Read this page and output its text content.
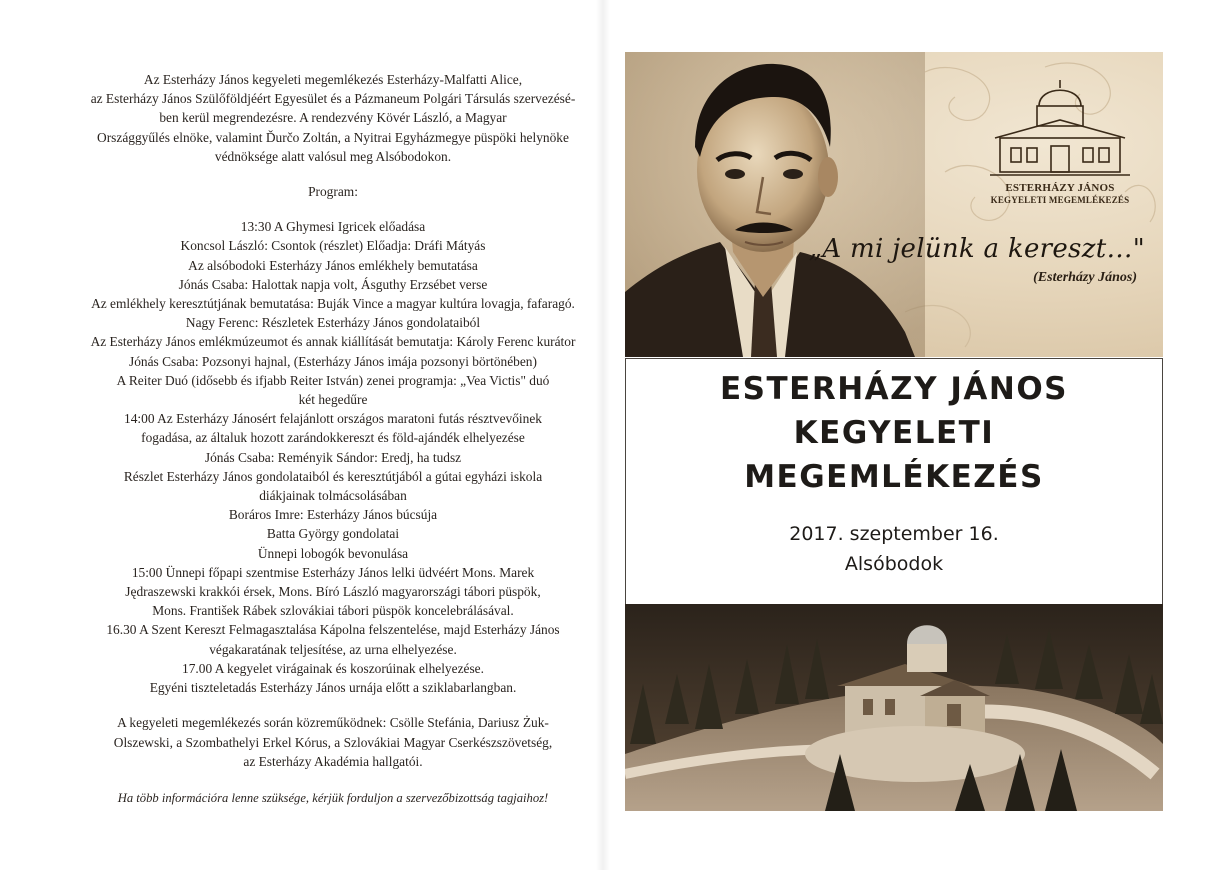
Az Esterházy János kegyeleti megemlékezés Esterházy-Malfatti Alice,

az Esterházy János Szülőföldjéért Egyesület és a Pázmaneum Polgári Társulás szervezésé-

ben kerül megrendezésre. A rendezvény Kövér László, a Magyar

Országgyűlés elnöke, valamint Ďurčo Zoltán, a Nyitrai Egyházmegye püspöki helynöke

védnöksége alatt valósul meg Alsóbodokon.

Program:

13:30 A Ghymesi Igricek előadása

Koncsol László: Csontok (részlet) Előadja: Dráfi Mátyás

Az alsóbodoki Esterházy János emlékhely bemutatása

Jónás Csaba: Halottak napja volt, Ásguthy Erzsébet verse

Az emlékhely keresztútjának bemutatása: Buják Vince a magyar kultúra lovagja, fafaragó.

Nagy Ferenc: Részletek Esterházy János gondolataiból

Az Esterházy János emlékmúzeumot és annak kiállítását bemutatja: Károly Ferenc kurátor

Jónás Csaba: Pozsonyi hajnal, (Esterházy János imája pozsonyi börtönében)

A Reiter Duó (idősebb és ifjabb Reiter István) zenei programja: „Vea Victis" duó

két hegedűre

14:00 Az Esterházy Jánosért felajánlott országos maratoni futás résztvevőinek

fogadása, az általuk hozott zarándokkereszt és föld-ajándék elhelyezése

Jónás Csaba: Reményik Sándor: Eredj, ha tudsz

Részlet Esterházy János gondolataiból és keresztútjából a gútai egyházi iskola

diákjainak tolmácsolásában

Boráros Imre: Esterházy János búcsúja

Batta György gondolatai

Ünnepi lobogók bevonulása

15:00 Ünnepi főpapi szentmise Esterházy János lelki üdvéért Mons. Marek

Jędraszewski krakkói érsek, Mons. Bíró László magyarországi tábori püspök,

Mons. František Rábek szlovákiai tábori püspök koncelebrálásával.

16.30 A Szent Kereszt Felmagasztalása Kápolna felszentelése, majd Esterházy János

végakaratának teljesítése, az urna elhelyezése.

17.00 A kegyelet virágainak és koszorúinak elhelyezése.

Egyéni tiszteletadás Esterházy János urnája előtt a sziklabarlangban.

A kegyeleti megemlékezés során közreműködnek: Csölle Stefánia, Dariusz Żuk-

Olszewski, a Szombathelyi Erkel Kórus, a Szlovákiai Magyar Cserkészszövetség,

az Esterházy Akadémia hallgatói.

Ha több információra lenne szüksége, kérjük forduljon a szervezőbizottság tagjaihoz!

ESTERHÁZY JÁNOS
KEGYELETI MEGEMLÉKEZÉS
„A mi jelünk a kereszt…"
(Esterházy János)
ESTERHÁZY JÁNOS
KEGYELETI
MEGEMLÉKEZÉS
2017. szeptember 16.
Alsóbodok
